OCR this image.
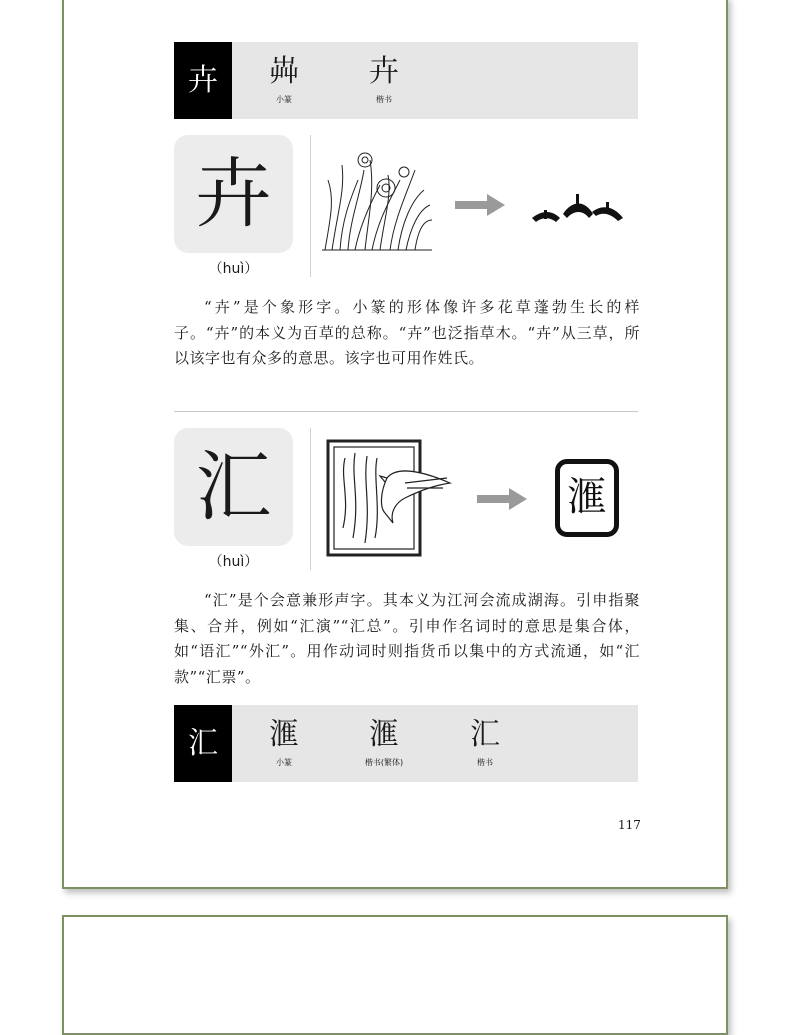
卉	芔
小篆
卉
楷书
卉
（huì）
“卉”是个象形字。小篆的形体像许多花草蓬勃生长的样子。“卉”的本义为百草的总称。“卉”也泛指草木。“卉”从三草，所以该字也有众多的意思。该字也可用作姓氏。
汇
（huì）
滙
“汇”是个会意兼形声字。其本义为江河会流成湖海。引申指聚集、合并，例如“汇演”“汇总”。引申作名词时的意思是集合体，如“语汇”“外汇”。用作动词时则指货币以集中的方式流通，如“汇款”“汇票”。
汇	滙
小篆
滙
楷书(繁体)
汇
楷书
117
